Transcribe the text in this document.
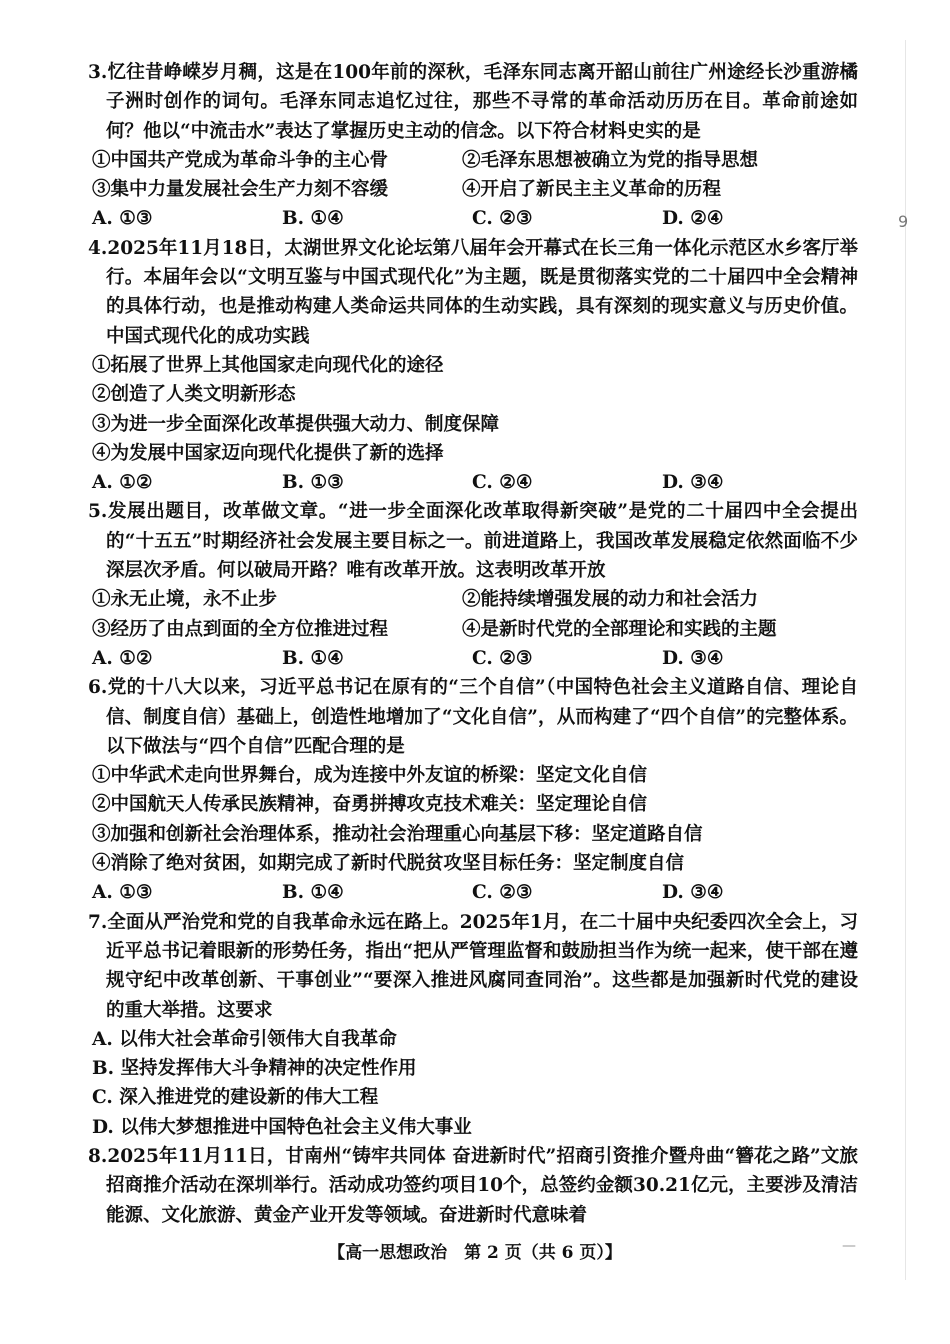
9
3.忆往昔峥嵘岁月稠，这是在100年前的深秋，毛泽东同志离开韶山前往广州途经长沙重游橘子洲时创作的词句。毛泽东同志追忆过往，那些不寻常的革命活动历历在目。革命前途如何？他以“中流击水”表达了掌握历史主动的信念。以下符合材料史实的是
①中国共产党成为革命斗争的主心骨	②毛泽东思想被确立为党的指导思想
③集中力量发展社会生产力刻不容缓	④开启了新民主主义革命的历程
A. ①③	B. ①④	C. ②③	D. ②④
4.2025年11月18日，太湖世界文化论坛第八届年会开幕式在长三角一体化示范区水乡客厅举行。本届年会以“文明互鉴与中国式现代化”为主题，既是贯彻落实党的二十届四中全会精神的具体行动，也是推动构建人类命运共同体的生动实践，具有深刻的现实意义与历史价值。中国式现代化的成功实践
①拓展了世界上其他国家走向现代化的途径
②创造了人类文明新形态
③为进一步全面深化改革提供强大动力、制度保障
④为发展中国家迈向现代化提供了新的选择
A. ①②	B. ①③	C. ②④	D. ③④
5.发展出题目，改革做文章。“进一步全面深化改革取得新突破”是党的二十届四中全会提出的“十五五”时期经济社会发展主要目标之一。前进道路上，我国改革发展稳定依然面临不少深层次矛盾。何以破局开路？唯有改革开放。这表明改革开放
①永无止境，永不止步	②能持续增强发展的动力和社会活力
③经历了由点到面的全方位推进过程	④是新时代党的全部理论和实践的主题
A. ①②	B. ①④	C. ②③	D. ③④
6.党的十八大以来，习近平总书记在原有的“三个自信”（中国特色社会主义道路自信、理论自信、制度自信）基础上，创造性地增加了“文化自信”，从而构建了“四个自信”的完整体系。以下做法与“四个自信”匹配合理的是
①中华武术走向世界舞台，成为连接中外友谊的桥梁：坚定文化自信
②中国航天人传承民族精神，奋勇拼搏攻克技术难关：坚定理论自信
③加强和创新社会治理体系，推动社会治理重心向基层下移：坚定道路自信
④消除了绝对贫困，如期完成了新时代脱贫攻坚目标任务：坚定制度自信
A. ①③	B. ①④	C. ②③	D. ③④
7.全面从严治党和党的自我革命永远在路上。2025年1月，在二十届中央纪委四次全会上，习近平总书记着眼新的形势任务，指出“把从严管理监督和鼓励担当作为统一起来，使干部在遵规守纪中改革创新、干事创业”“要深入推进风腐同查同治”。这些都是加强新时代党的建设的重大举措。这要求
A. 以伟大社会革命引领伟大自我革命
B. 坚持发挥伟大斗争精神的决定性作用
C. 深入推进党的建设新的伟大工程
D. 以伟大梦想推进中国特色社会主义伟大事业
8.2025年11月11日，甘南州“铸牢共同体 奋进新时代”招商引资推介暨舟曲“簪花之路”文旅招商推介活动在深圳举行。活动成功签约项目10个，总签约金额30.21亿元，主要涉及清洁能源、文化旅游、黄金产业开发等领域。奋进新时代意味着
【高一思想政治　第 2 页（共 6 页）】	—
